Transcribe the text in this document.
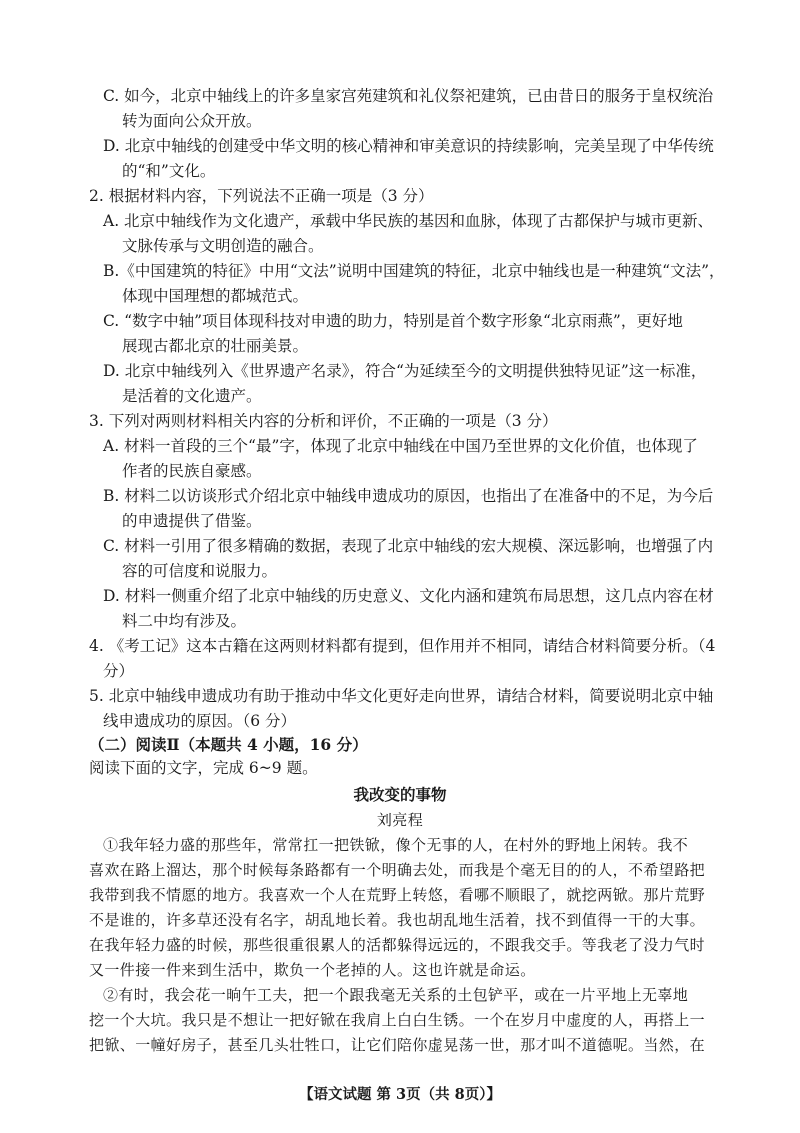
C. 如今，北京中轴线上的许多皇家宫苑建筑和礼仪祭祀建筑，已由昔日的服务于皇权统治
转为面向公众开放。
D. 北京中轴线的创建受中华文明的核心精神和审美意识的持续影响，完美呈现了中华传统
的“和”文化。
2. 根据材料内容，下列说法不正确一项是（3 分）
A. 北京中轴线作为文化遗产，承载中华民族的基因和血脉，体现了古都保护与城市更新、
文脉传承与文明创造的融合。
B.《中国建筑的特征》中用“文法”说明中国建筑的特征，北京中轴线也是一种建筑“文法”，
体现中国理想的都城范式。
C. “数字中轴”项目体现科技对申遗的助力，特别是首个数字形象“北京雨燕”，更好地
展现古都北京的壮丽美景。
D. 北京中轴线列入《世界遗产名录》，符合“为延续至今的文明提供独特见证”这一标准，
是活着的文化遗产。
3. 下列对两则材料相关内容的分析和评价，不正确的一项是（3 分）
A. 材料一首段的三个“最”字，体现了北京中轴线在中国乃至世界的文化价值，也体现了
作者的民族自豪感。
B. 材料二以访谈形式介绍北京中轴线申遗成功的原因，也指出了在准备中的不足，为今后
的申遗提供了借鉴。
C. 材料一引用了很多精确的数据，表现了北京中轴线的宏大规模、深远影响，也增强了内
容的可信度和说服力。
D. 材料一侧重介绍了北京中轴线的历史意义、文化内涵和建筑布局思想，这几点内容在材
料二中均有涉及。
4. 《考工记》这本古籍在这两则材料都有提到，但作用并不相同，请结合材料简要分析。（4
分）
5. 北京中轴线申遗成功有助于推动中华文化更好走向世界，请结合材料，简要说明北京中轴
线申遗成功的原因。（6 分）
（二）阅读Ⅱ（本题共 4 小题，16 分）
阅读下面的文字，完成 6~9 题。
我改变的事物
刘亮程
①我年轻力盛的那些年，常常扛一把铁锨，像个无事的人，在村外的野地上闲转。我不
喜欢在路上溜达，那个时候每条路都有一个明确去处，而我是个毫无目的的人，不希望路把
我带到我不情愿的地方。我喜欢一个人在荒野上转悠，看哪不顺眼了，就挖两锨。那片荒野
不是谁的，许多草还没有名字，胡乱地长着。我也胡乱地生活着，找不到值得一干的大事。
在我年轻力盛的时候，那些很重很累人的活都躲得远远的，不跟我交手。等我老了没力气时
又一件接一件来到生活中，欺负一个老掉的人。这也许就是命运。
②有时，我会花一晌午工夫，把一个跟我毫无关系的土包铲平，或在一片平地上无辜地
挖一个大坑。我只是不想让一把好锨在我肩上白白生锈。一个在岁月中虚度的人，再搭上一
把锨、一幢好房子，甚至几头壮牲口，让它们陪你虚晃荡一世，那才叫不道德呢。当然，在
【语文试题 第 3页（共 8页）】
